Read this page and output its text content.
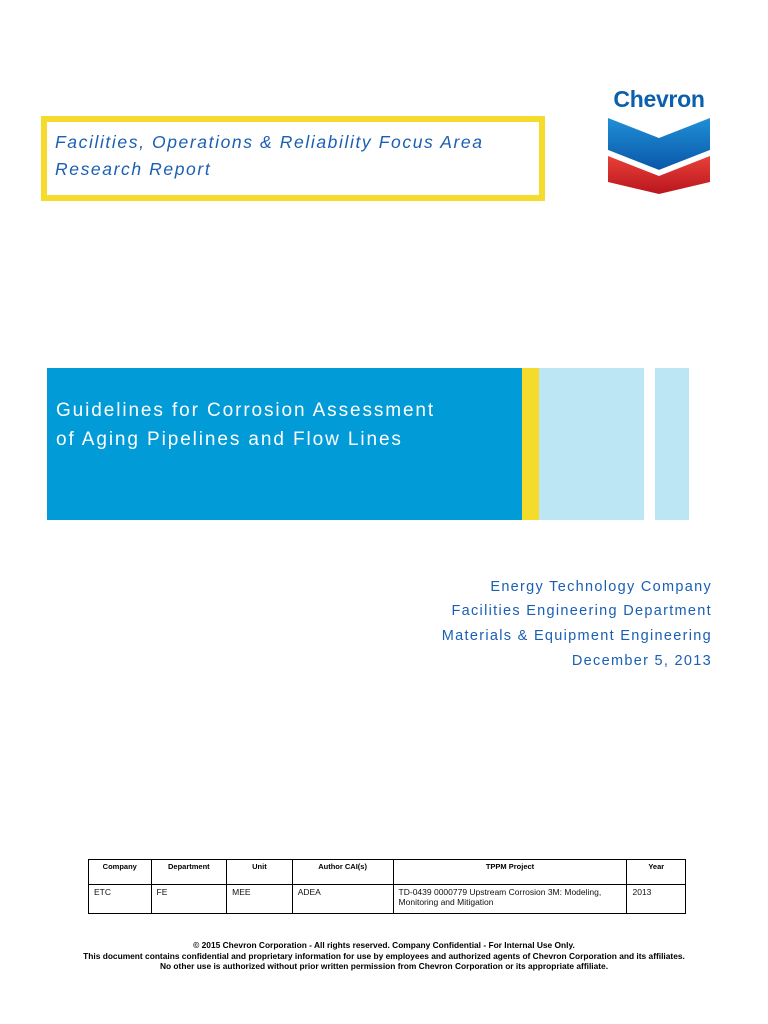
Chevron
Facilities, Operations & Reliability Focus Area
Research Report
Guidelines for Corrosion Assessment
of Aging Pipelines and Flow Lines
Energy Technology Company
Facilities Engineering Department
Materials & Equipment Engineering
December 5, 2013
Company	Department	Unit	Author CAI(s)	TPPM Project	Year
ETC	FE	MEE	ADEA	TD-0439 0000779 Upstream Corrosion 3M: Modeling, Monitoring and Mitigation	2013
© 2015 Chevron Corporation - All rights reserved. Company Confidential - For Internal Use Only.
This document contains confidential and proprietary information for use by employees and authorized agents of Chevron Corporation and its affiliates.
No other use is authorized without prior written permission from Chevron Corporation or its appropriate affiliate.
